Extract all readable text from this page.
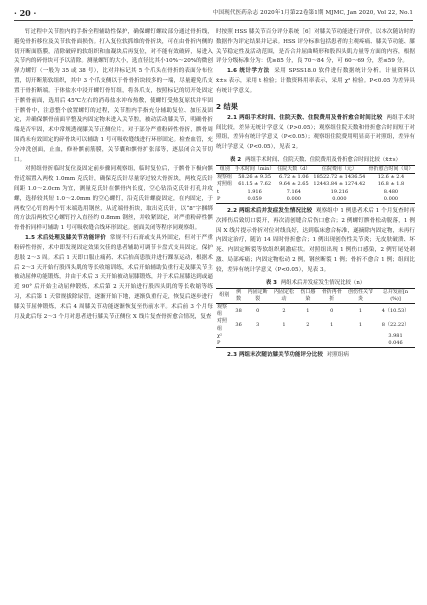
· 20 ·	中国现代医药杂志 2020年1月第22卷第1期 MJMC, Jan 2020, Vol 22, No.1

钉过程中关节腔内的手指全程辅助性保护，确保螺钉螺纹部分通过骨折线，避免骨折移位及关节软骨面损伤。打入复位软抓维的骨折块，可在由骨折内侧的切开断面筋膜，清除破碎的软组织和血凝块后再复位，对不能有效破碎，易进入关节内的碎骨块可予以清除。测量螺钉的大小，选直径比其小10%～20%的微创弹力螺钉（一般为 35 或 38 号），比对并标记其 5 个爪头在骨折的表面分布位置，切开断筋软组织，其中 3 个爪支侧以于骨骨折块较多的一端，尽量避免爪支置于骨折断端。于体盐水中浸开螺钉骨钉组，将各爪支，按照标记的切开处固定于髌骨前面，选用后 45℃左右的消毒盐水冲布热敷，使螺钉受热复原状并牢固于髌骨中，注意整个放置螺钉的过程，关节腔内手指充分辅助复位、加压及固定，并确保髌骨前面平整及内固定物未进入关节腔，被动活动膝关节，明确骨折端是否牢固，术中常规透视膝关节正侧位片。对于部分严重粉碎性骨折，髌骨周围尚未有效固定的碎骨块可以辅助 1 号可吸收缝线进行环形固定。检查血管，充分冲洗创面，止血，修补髌前筋膜，关节囊和髌骨扩张部等，逐层闭合关节切口。

对照组骨折临时复位及固定前步骤同观察组，临时复位后，于髌骨下极向髌骨近端置入两枚 1.0mm 克氏针，确保克氏针尽量穿过较大骨折块，两枚克氏针间距 1.0～2.0cm 为宜，测量克氏针在髌骨内长度，空心钻沿克氏针打孔并攻螺，选择较其短 1.0～2.0mm 的空心螺钉，沿克氏针螺旋固定，在内固定，于两枚空心钉的两个钉末端选用钢丝，从近端骨折块，取出克氏针，以“8”字捆绑的方法沿两枚空心螺钉拧入直径约 0.8mm 钢丝，并收紧固定，对严重粉碎性髌骨骨折同样可辅助 1 号可吸收缝合线环形固定。创面关闭等程序同观察组。

1.5 术后处理及膝关节功能评价 常规不行石膏或支具外固定，但对于严重粉碎性骨折，术中即发现固定效果欠佳的患者辅助可调节卡盘式支具固定，保护患肢 2～3 周。术后 1 天即口服止痛药、术后抬高患肢并进行踝泵运动，根据术后 2～3 天开始行股四头肌的等长收缩训练，术后开始辅助负重行走及膝关节主被动屈伸功能锻炼，并由于术后 3 天开始被动屈膝锻炼，并于术后屈膝达到或逼近 90° 后开始主动屈伸锻炼，术后第 2 天开始进行股四头肌的等长收缩等练习，术后第 1 天常规拔除尿管，逐渐开始下地，逐渐负重行走，恢复后逐步进行膝关节屈伸锻炼，术后 4 周膝关节功能逐渐恢复至伤前水平。术后前 3 个月每月及此后每 2～3 个月对患者进行膝关节正侧位 X 线片复查骨折愈合情况，复查

时按照 HSS 膝关节百分评分系统［6］对膝关节功能进行评价，以本次随访时的数据作为评定结果并记录。HSS 评分标准包括患者的主观疼痛、膝关节功能、膝关节稳定性及活动范围，是否合并屈曲畸形和股四头肌力量等方面的内容，根据评分分级标准分为：优≥85 分，良 70～84 分，可 60～69 分，差≤59 分。

1.6 统计学方法 采用 SPSS18.0 软件进行数据统计分析。计量资料以 x̄±s 表示，采用 t 检验；计数资料用率表示，采用 χ² 检验。P<0.05 为差异具有统计学意义。

2 结果

2.1 两组手术时间、住院天数、住院费用及骨折愈合时间比较 两组手术时间比较，差异无统计学意义（P>0.05）；观察组住院天数和骨折愈合时间短于对照组，差异有统计学意义（P<0.05）；观察组住院费用明显高于对照组，差异有统计学意义（P<0.05），见表 2。

表 2 两组手术时间、住院天数、住院费用及骨折愈合时间比较（x̄±s）
组别	手术时间（min）	住院天数（d）	住院费用（元）	骨折愈合时间（周）
观察组	58.26 ± 9.35	6.72 ± 1.06	18522.72 ± 1436.54	12.6 ± 2.4
对照组	61.15 ± 7.62	9.64 ± 2.65	12443.84 ± 1274.42	16.8 ± 1.8
t	1.916	7.164	19.216	8.480
P	0.059	0.000	0.000	0.000

2.2 两组术后并发症发生情况比较 观察组中 1 例患者术后 1 个月复查时再次摔伤后致切口裂开，再次清创缝合后伤口愈合；2 例螺钉髌骨松动脱落，1 例因 X 线片提示骨折对位对线良好，达到临床愈合标准，遂摘除内固定物，未再行内固定治疗，随访 14 周时骨折愈合；1 例出现创伤性关节炎；无皮肤破溃、坏死、内固定断裂等软组织刺激症状。对照组出现 1 例伤口感染，2 例钉尾处刺激、局部疼痛；内固定物松动 2 例，钢丝断裂 1 例；骨折不愈合 1 例；组间比较，差异有统计学意义（P<0.05），见表 3。

表 3 两组术后并发症发生情况比较（n）
组别	例数	内固定断裂	内固定松动	伤口感染	骨折再骨折	创伤性关节炎	总并发症[n (%)]
观察组	38	0	2	1	0	1	4（10.53）
对照组	36	3	1	2	1	1	8（22.22）
χ²							3.981
P							0.046

2.3 两组末次随访膝关节功能评分比较 对照组病
